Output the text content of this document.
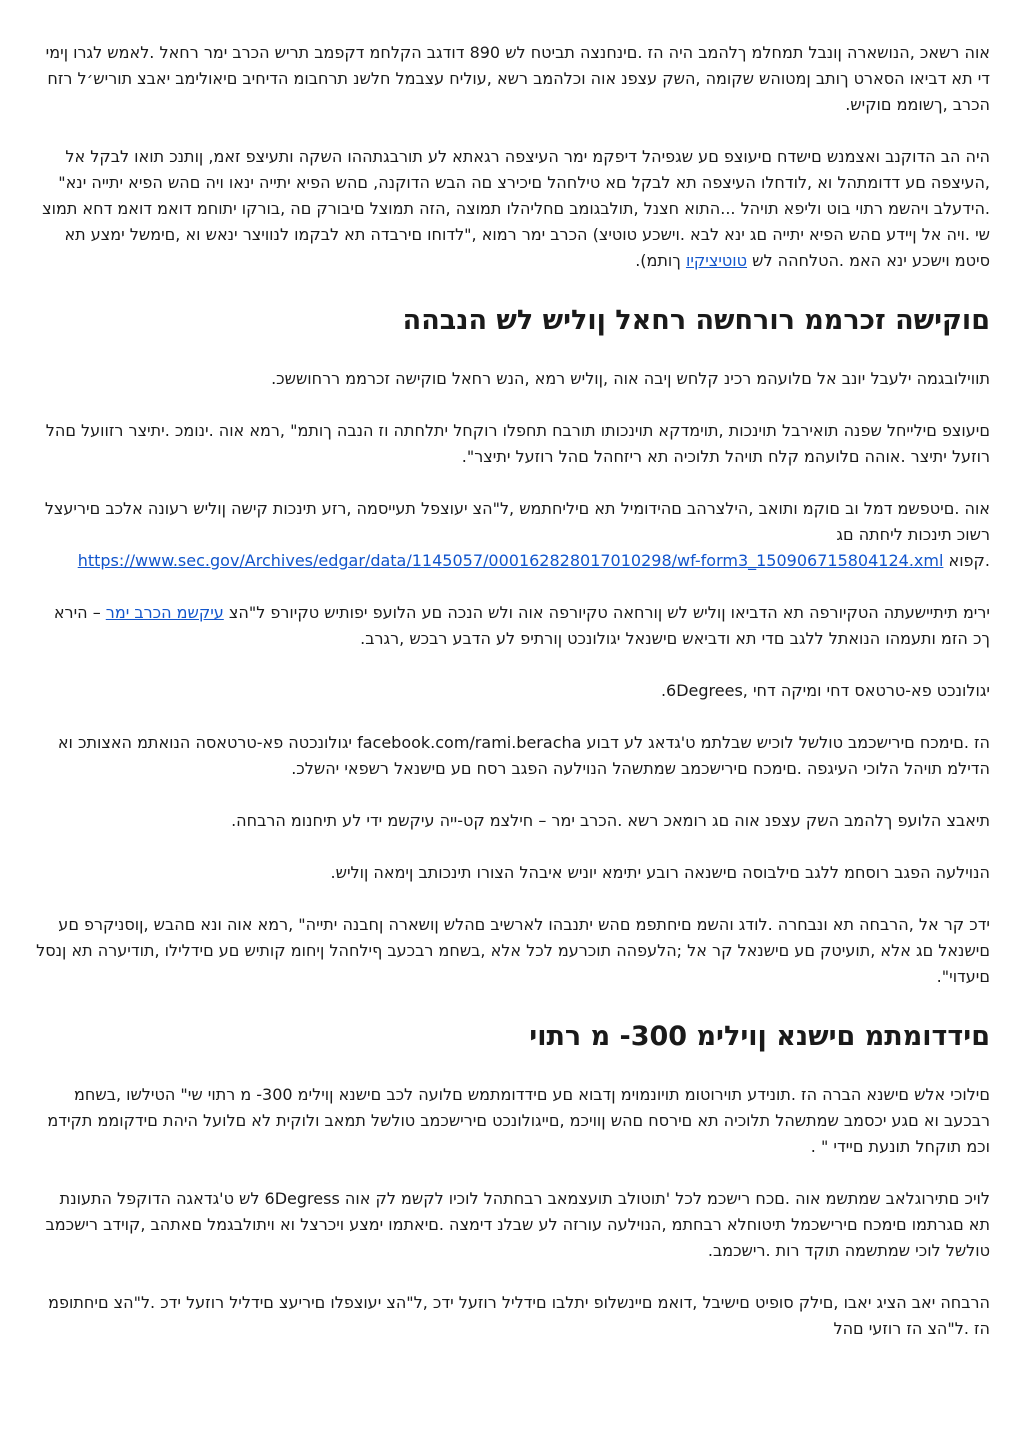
אוה רשאכ ,הנושארה ןונבל תמחלמ ךלהמב היה הז .םינחנצה תביטח לש 890 דודגב הקלחמ דקפמב תריש הכרב ימר רחאל .לאמש לגרו ןימי די תא דביאו הסארט ךותב ןמטוהש שקומה ,השק עצפנ אוה וכלהמב רשא ,עוליח עצבמל חלשנ תרחבומ הדיחיב םיאולימב יאבצ תוריש׳ל רזח הכרב ,ךשוממ םוקיש.

היה הב הדוקנב ואצמנש םישדח םיעוצפ םע שגפיהל דיפקמ ימר העיצפה רגאתא לע תורבגתההו השקה ותעיצפ זאמ, ןותנכ תואו לבקל אל ,העיצפה םע דדומתהל וא ,לודחלו העיצפה תא לבקל םא טילחהל םיכירצ םה הבש הדוקנה, םהש הפיא יתייה ינאו ויה םהש הפיא יתייה ינא" .הידעלב ויהשמ רתוי בוט וליפא תויהל ...התוא חצנל ,תולבגומב םחליהלו תמוצה ,הזה תמוצל םיבורק םה ,בורקו יתוחמ דואמ דואמ דחא תמוצ שי .ויה אל ןיידע םהש הפיא יתייה םג ינא לבא .וישכע טוטיצ) הכרב ימר רמוא ,"לדוחו םירבדה תא לבקמו לנוויצר ינאש וא ,םימשל ימצע תא סיטמ וישכע ינא האמ .הטלחהה לש טוטיציקיו ךותמ).

םוקישה זכרממ רורחשה רחאל ןוליש לש הנבהה

תווילובגמה ילעבל יונב אל םלועהמ רכינ קלחש ןיבה אוה ,ןוליש רמא ,הנש רחאל םוקישה זכרממ ררחוששכ.

םיעוצפ םילייחל שפנה תואירבל תוינכות ,תוימדקא תוינכותו תורבח תחפלו רוקחל יתלחתה וז הנבה ךותמ" ,רמא אוה .ינומכ .יתיצר רזוועל םהל רוזעל יתיצר .אוהה םלועהמ קלח תויהל תלוכיה תא ריזחהל םהל רוזעל יתיצר".

אוה .םיטפשמ דמל וב םוקמ ותואב ,הילצרהב םהידומיל תא םיליחתמש ,ל"הצ יעוצפל תעייסמה ,רזע תינכות קישה ןוליש רעונה אלכב םיריעצל רשוכ תינכות ליחתה םג
https://www.sec.gov/Archives/edgar/data/1145057/000162828017010298/wf-form3_150906715804124.xml קפוא.

ירימ תיתיישעתה הטקיורפה תא הדביאו ןוליש לש ןורחאה טקיורפה אוה ולש הנכה םע הלועפ יפותיש טקיורפ ל"הצ עיקשמ הכרב ימר – הירא ךכ הזמ ותעמהו הנואתל ללגב םדי תא ודביאש םישנאל יגולונכט ןורתיפ לע הדבע רבכש ,רגרב.

יגולונכט פא-טרטאס דחי ומיקה דחי ,6Degrees.

הז .םימכח םירישכמב טולשל לוכיש שבלתמ ט'גדאג לע דבוע facebook.com/rami.beracha יגולונכטה פא-טרטאסה הנואתמ האצותכ וא הדילמ תויהל הלוכי העיגפה .םימכח םירישכמב שמתשהל הנוילעה הפגב רסח םע םישנאל רשפאי יהשלכ.

תיאבצ הלועפ ךלהמב השק עצפנ אוה םג רומאכ רשא .הכרב ימר – חילצמ קט-ייה עיקשמ ידי לע תיחנומ הרבחה.

הנוילעה הפגב רוסחמ ללגב םילבוסה םישנאה רובע יתימא יוניש איבהל הצורו תינכותב ןימאה ןוליש.

ידכ קר אל ,הרבחה תא ונבחרה .לודג והשמ םיחתפמ םהש יתנבהו לארשיב םהלש ןושארה ןחבנה יתייה" ,רמא אוה ונא םהבש ,ןוסניקרפ םע םישנאל םג אלא ,תועיטק םע םישנאל קר אל ;הלעפהה תוכרעמ לכל אלא ,בשחמ רבכעב ףילחהל ןיחומ קותיש םע םידלילו ,תודיערה תא ןנסל םיעדוי".

םידדומתמ םישנא ןוילימ 300- מ רתוי

םילוכי אלש םישנא הברה הז .תונידע תוירוטומ תויונמוימ ןדבוא םע םידדומתמש םלועה לכב םישנא ןוילימ 300- מ רתוי שי" הטילשו ,בשחמ רבכעב וא םגע יכסמב שמתשהל תלוכיה תא םירסח םהש ןוויכמ ,םייגולונכט םירישכמב טולשל תמאב ולוקית לא םלועל היהת םידקוממ תקידמ וכמ תוקחל תונעת םיידי " .

לויכ םתירוגלאב שמתשמ אוה .םכח רישכמ לכל 'תוטולב תועצמאב רבחתהל לוכיו לקשמ לק אוה 6Degress לש ט'גדאגה הדוקפל התעונת תא םגרתמו םימכח םירישכמל תיטוחלא רבחתמ ,הנוילעה עורזה לע שבלנ דימצה .םיאתמו ימצע ויכרצל וא ויתולבגמל םאתהב ,קוידב רישכמב טולשל לוכי שמתשמה תוקד רות .רישכמב.

הרבחה יאב הציג יאבו ,םילק סופיט םישיבל ,דואמ םיינשלופ יתלבו םידליל רוזעל ידכ ,ל"הצ יעוצפלו םיריעצ םידליל רוזעל ידכ .ל"הצ םיחתופמ הז .ל"הצ הז רוזעי םהל
